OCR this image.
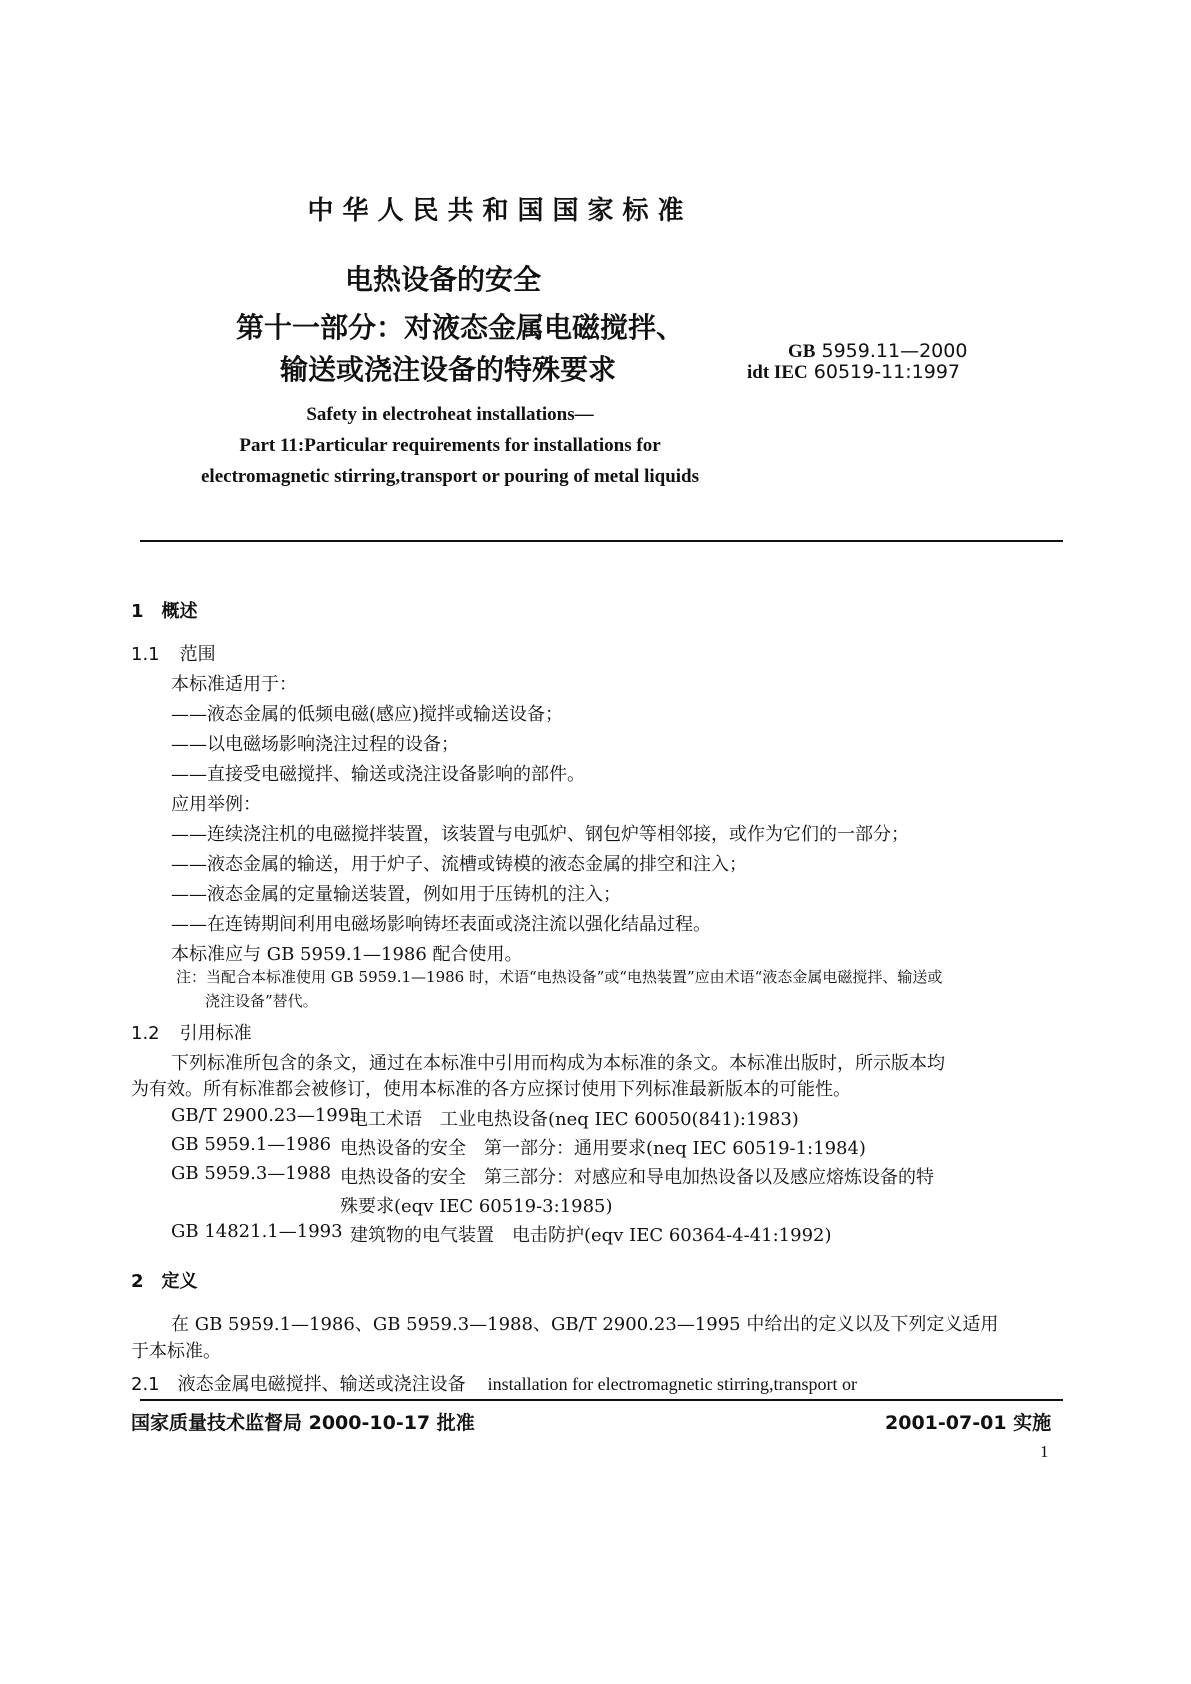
中华人民共和国国家标准
电热设备的安全
第十一部分：对液态金属电磁搅拌、
输送或浇注设备的特殊要求
GB 5959.11—2000
idt IEC 60519-11:1997
Safety in electroheat installations—
Part 11:Particular requirements for installations for
electromagnetic stirring,transport or pouring of metal liquids
1 概述
1.1 范围
本标准适用于：
——液态金属的低频电磁(感应)搅拌或输送设备；
——以电磁场影响浇注过程的设备；
——直接受电磁搅拌、输送或浇注设备影响的部件。
应用举例：
——连续浇注机的电磁搅拌装置，该装置与电弧炉、钢包炉等相邻接，或作为它们的一部分；
——液态金属的输送，用于炉子、流槽或铸模的液态金属的排空和注入；
——液态金属的定量输送装置，例如用于压铸机的注入；
——在连铸期间利用电磁场影响铸坯表面或浇注流以强化结晶过程。
本标准应与 GB 5959.1—1986 配合使用。
注：当配合本标准使用 GB 5959.1—1986 时，术语“电热设备”或“电热装置”应由术语“液态金属电磁搅拌、输送或
浇注设备”替代。
1.2 引用标准
下列标准所包含的条文，通过在本标准中引用而构成为本标准的条文。本标准出版时，所示版本均
为有效。所有标准都会被修订，使用本标准的各方应探讨使用下列标准最新版本的可能性。
GB/T 2900.23—1995
电工术语　工业电热设备(neq IEC 60050(841):1983)
GB 5959.1—1986 电热设备的安全　第一部分：通用要求(neq IEC 60519-1:1984)
GB 5959.3—1988 电热设备的安全　第三部分：对感应和导电加热设备以及感应熔炼设备的特
殊要求(eqv IEC 60519-3:1985)
GB 14821.1—1993 建筑物的电气装置　电击防护(eqv IEC 60364-4-41:1992)
2 定义
在 GB 5959.1—1986、GB 5959.3—1988、GB/T 2900.23—1995 中给出的定义以及下列定义适用
于本标准。
2.1 液态金属电磁搅拌、输送或浇注设备 installation for electromagnetic stirring,transport or
国家质量技术监督局 2000-10-17 批准	2001-07-01 实施
1
